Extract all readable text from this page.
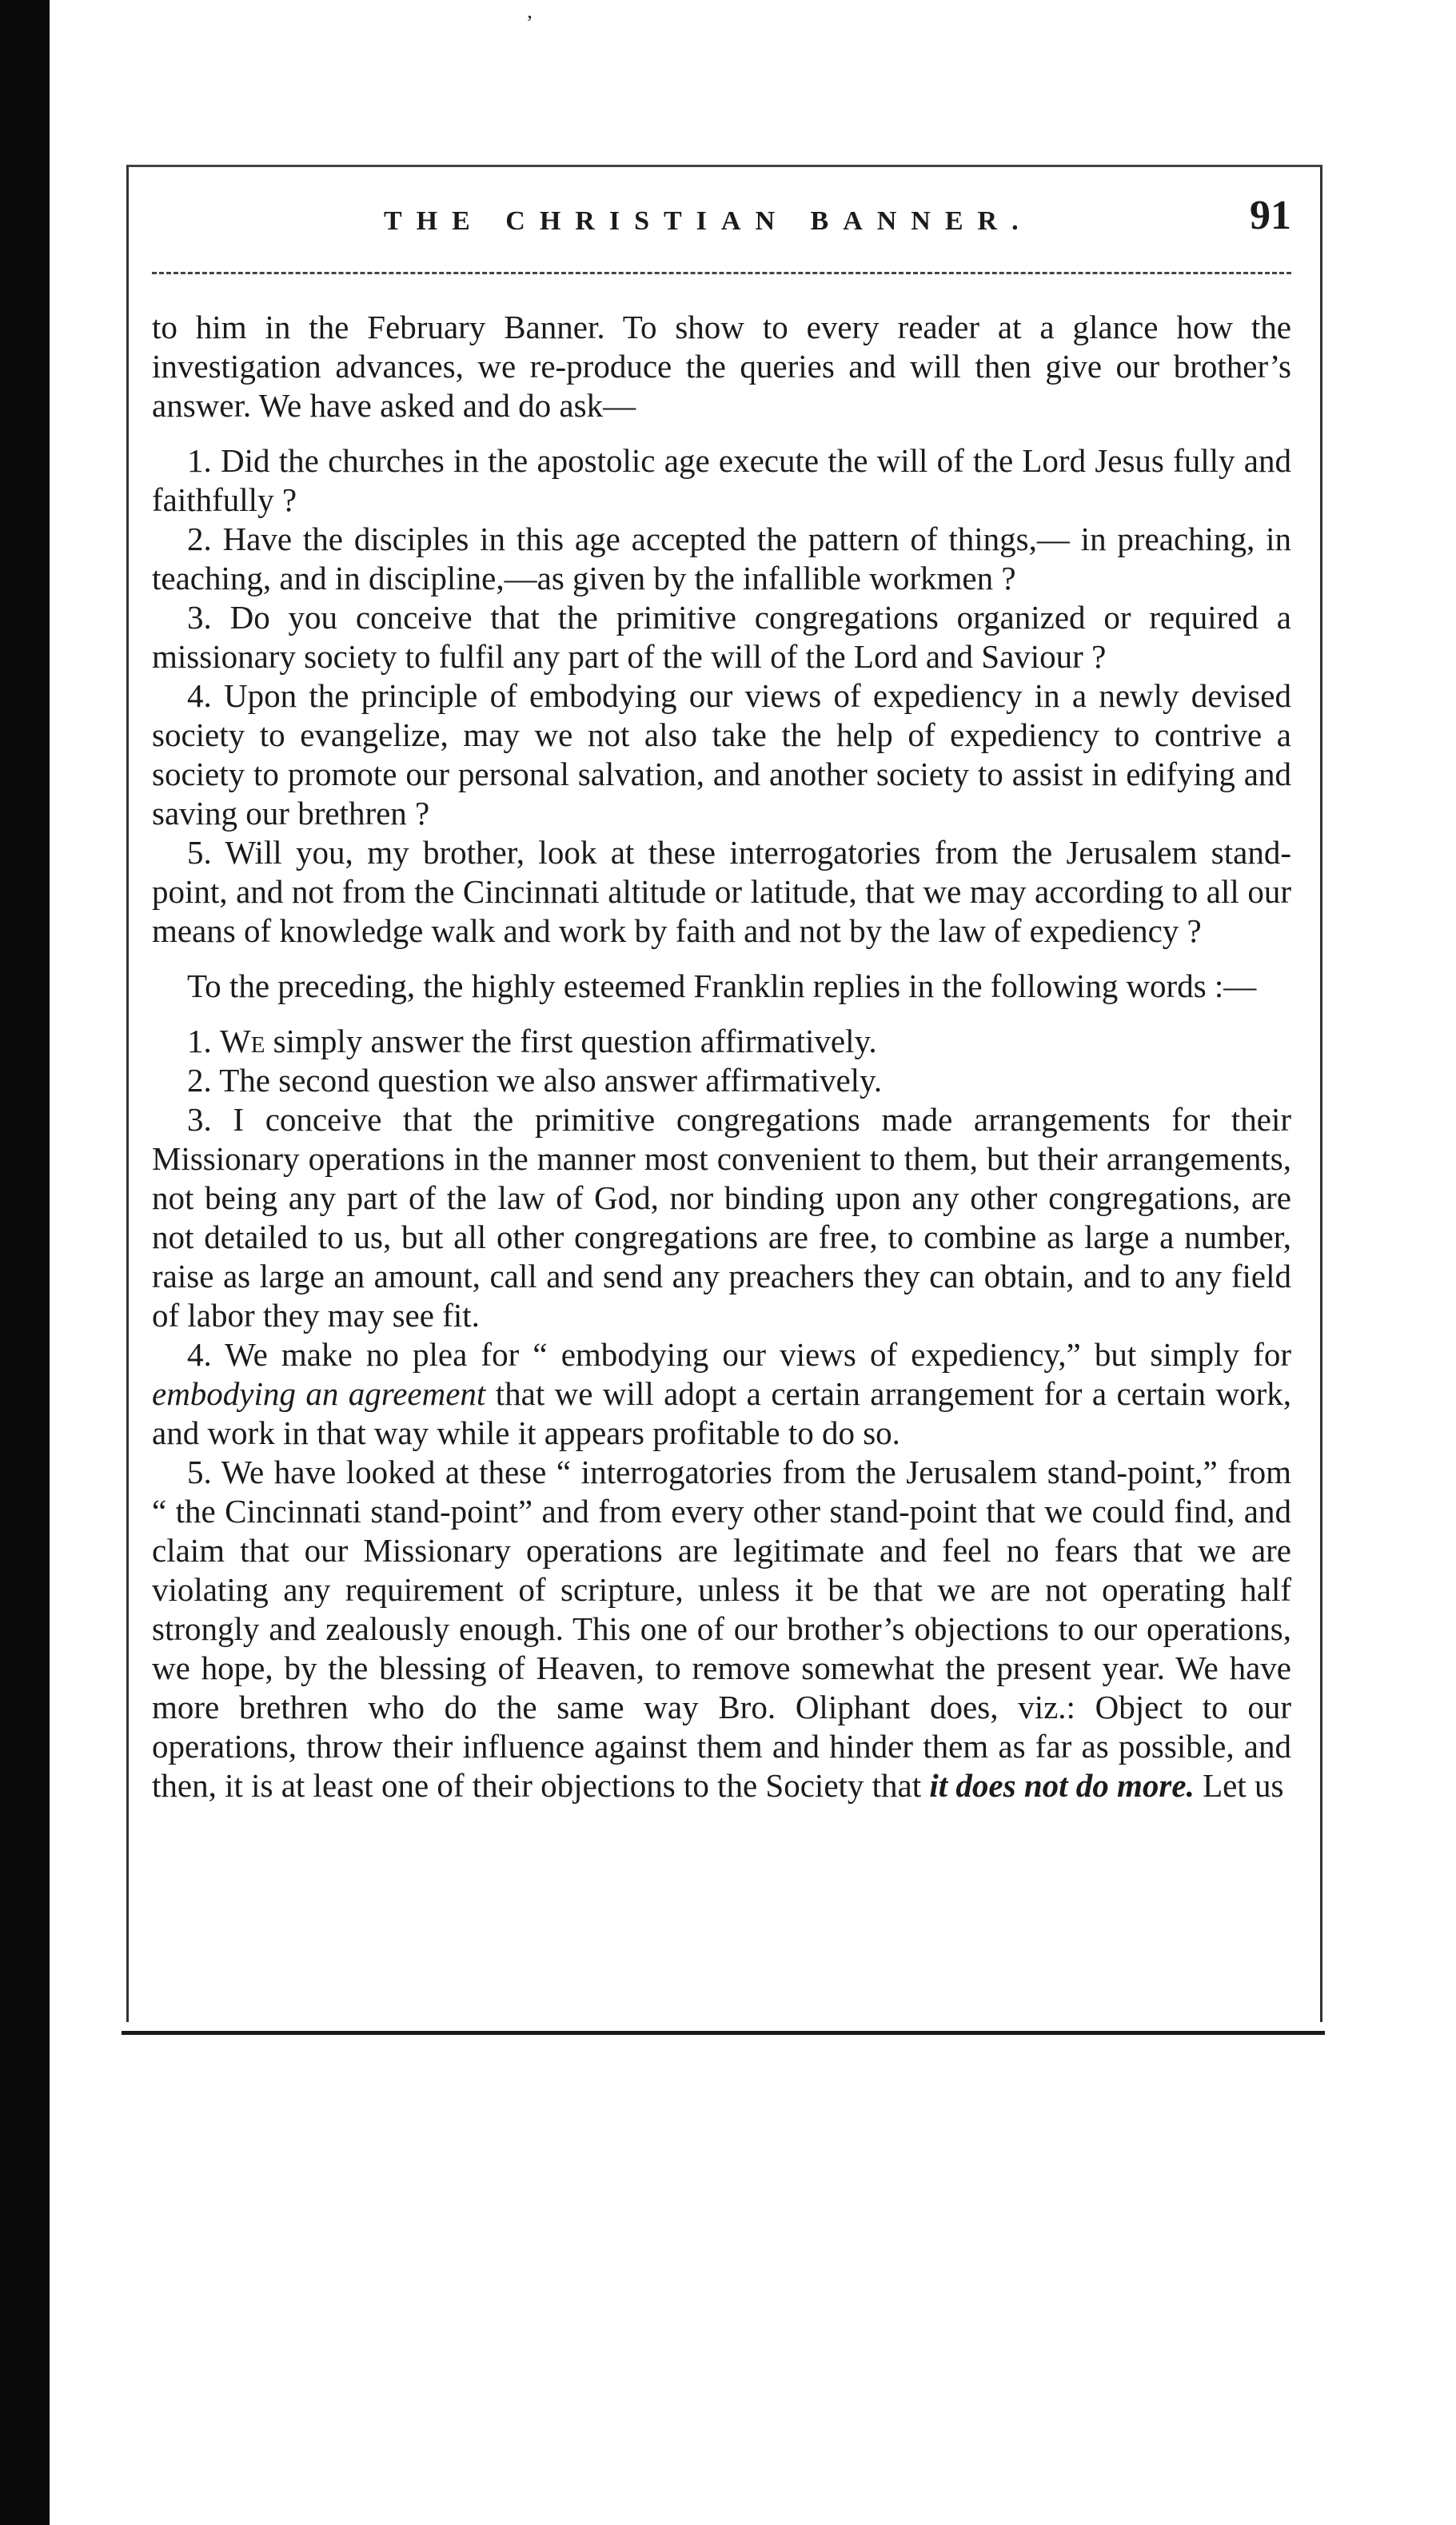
’
THE CHRISTIAN BANNER.	91

to him in the February Banner. To show to every reader at a glance how the investigation advances, we re-produce the queries and will then give our brother’s answer. We have asked and do ask—

1. Did the churches in the apostolic age execute the will of the Lord Jesus fully and faithfully ?

2. Have the disciples in this age accepted the pattern of things,— in preaching, in teaching, and in discipline,—as given by the infallible workmen ?

3. Do you conceive that the primitive congregations organized or required a missionary society to fulfil any part of the will of the Lord and Saviour ?

4. Upon the principle of embodying our views of expediency in a newly devised society to evangelize, may we not also take the help of expediency to contrive a society to promote our personal salvation, and another society to assist in edifying and saving our brethren ?

5. Will you, my brother, look at these interrogatories from the Jerusalem stand-point, and not from the Cincinnati altitude or latitude, that we may according to all our means of knowledge walk and work by faith and not by the law of expediency ?

To the preceding, the highly esteemed Franklin replies in the following words :—

1. We simply answer the first question affirmatively.

2. The second question we also answer affirmatively.

3. I conceive that the primitive congregations made arrangements for their Missionary operations in the manner most convenient to them, but their arrangements, not being any part of the law of God, nor binding upon any other congregations, are not detailed to us, but all other congregations are free, to combine as large a number, raise as large an amount, call and send any preachers they can obtain, and to any field of labor they may see fit.

4. We make no plea for “ embodying our views of expediency,” but simply for embodying an agreement that we will adopt a certain arrangement for a certain work, and work in that way while it appears profitable to do so.

5. We have looked at these “ interrogatories from the Jerusalem stand-point,” from “ the Cincinnati stand-point” and from every other stand-point that we could find, and claim that our Missionary operations are legitimate and feel no fears that we are violating any requirement of scripture, unless it be that we are not operating half strongly and zealously enough. This one of our brother’s objections to our operations, we hope, by the blessing of Heaven, to remove somewhat the present year. We have more brethren who do the same way Bro. Oliphant does, viz.: Object to our operations, throw their influence against them and hinder them as far as possible, and then, it is at least one of their objections to the Society that it does not do more. Let us
